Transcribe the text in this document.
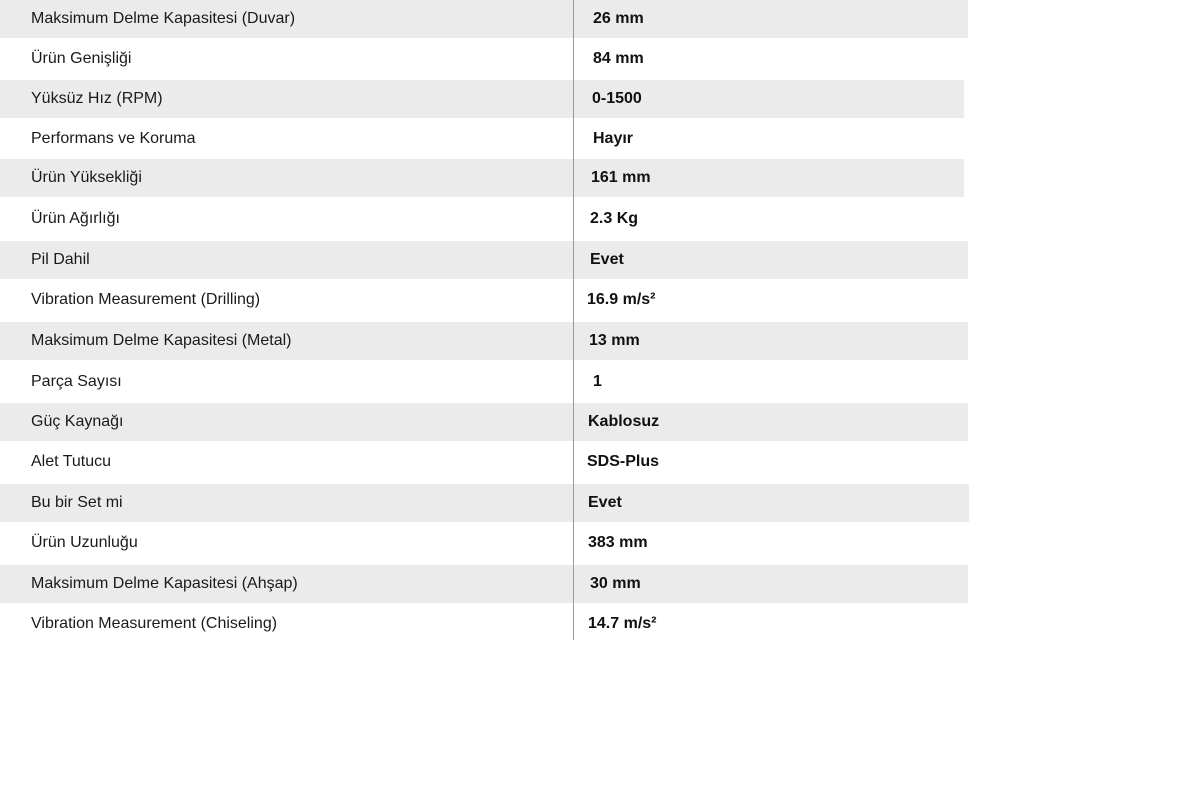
Maksimum Delme Kapasitesi (Duvar)	26 mm
Ürün Genişliği	84 mm
Yüksüz Hız (RPM)	0-1500
Performans ve Koruma	Hayır
Ürün Yüksekliği	161 mm
Ürün Ağırlığı	2.3 Kg
Pil Dahil	Evet
Vibration Measurement (Drilling)	16.9 m/s²
Maksimum Delme Kapasitesi (Metal)	13 mm
Parça Sayısı	1
Güç Kaynağı	Kablosuz
Alet Tutucu	SDS-Plus
Bu bir Set mi	Evet
Ürün Uzunluğu	383 mm
Maksimum Delme Kapasitesi (Ahşap)	30 mm
Vibration Measurement (Chiseling)	14.7 m/s²
